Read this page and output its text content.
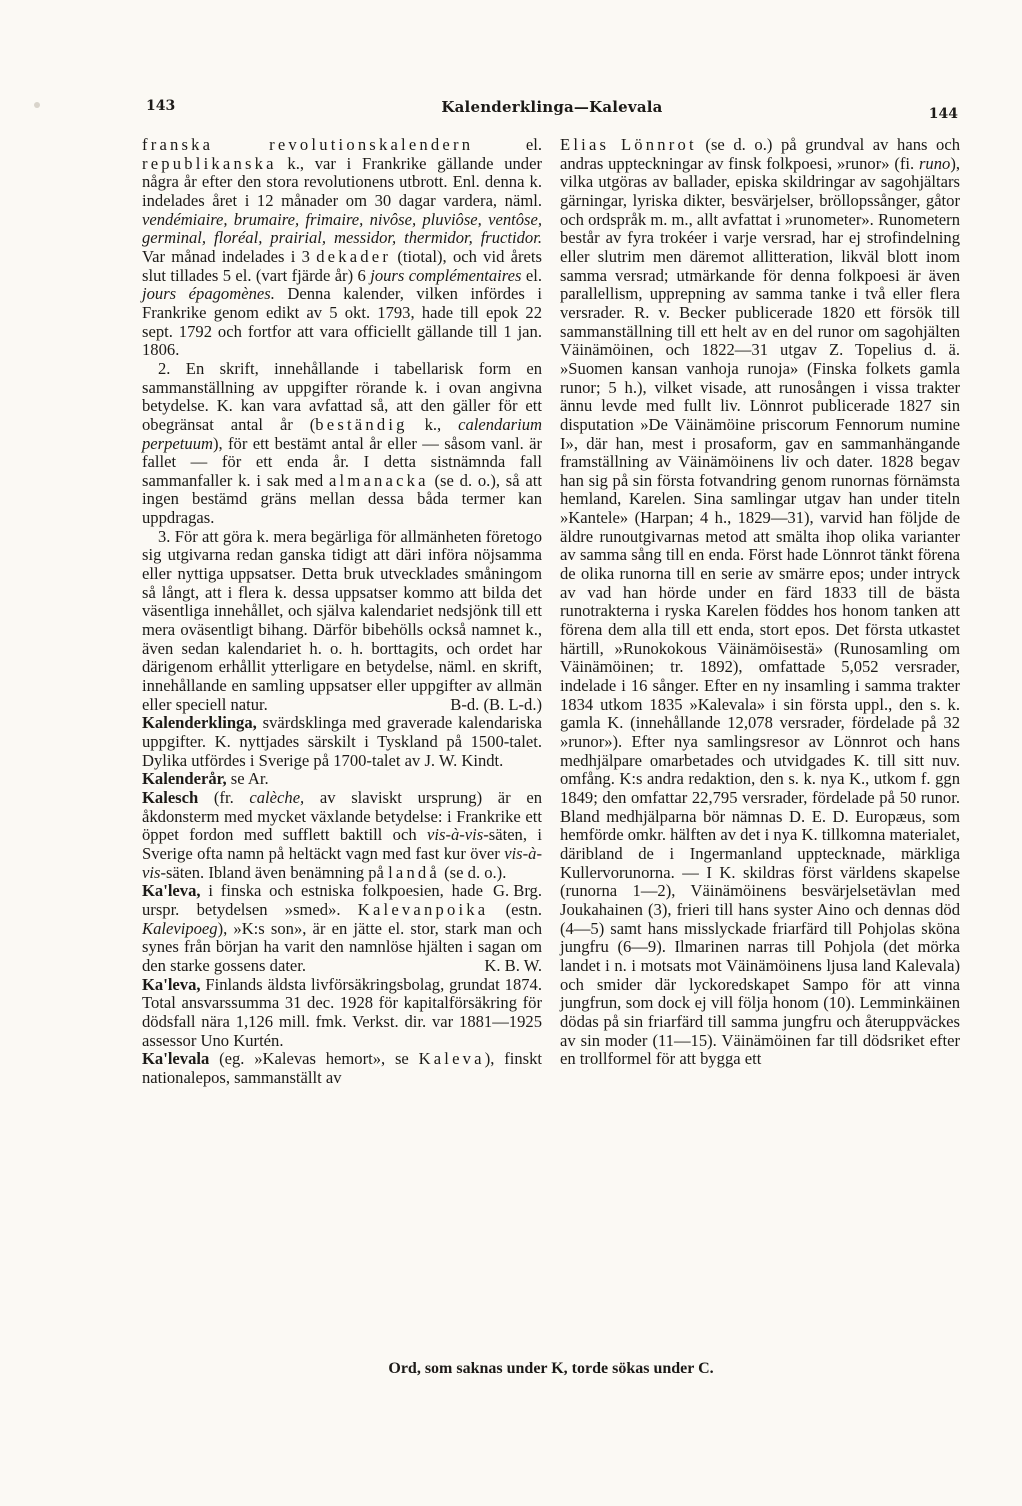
143	Kalenderklinga—Kalevala	144

franska revolutionskalendern el. republikanska k., var i Frankrike gällande under några år efter den stora revolutionens utbrott. Enl. denna k. indelades året i 12 månader om 30 dagar vardera, näml. vendémiaire, brumaire, frimaire, nivôse, pluviôse, ventôse, germinal, floréal, prairial, messidor, thermidor, fructidor. Var månad indelades i 3 dekader (tiotal), och vid årets slut tillades 5 el. (vart fjärde år) 6 jours complémentaires el. jours épagomènes. Denna kalender, vilken infördes i Frankrike genom edikt av 5 okt. 1793, hade till epok 22 sept. 1792 och fortfor att vara officiellt gällande till 1 jan. 1806.

2. En skrift, innehållande i tabellarisk form en sammanställning av uppgifter rörande k. i ovan angivna betydelse. K. kan vara avfattad så, att den gäller för ett obegränsat antal år (beständig k., calendarium perpetuum), för ett bestämt antal år eller — såsom vanl. är fallet — för ett enda år. I detta sistnämnda fall sammanfaller k. i sak med almanacka (se d. o.), så att ingen bestämd gräns mellan dessa båda termer kan uppdragas.

3. För att göra k. mera begärliga för allmänheten företogo sig utgivarna redan ganska tidigt att däri införa nöjsamma eller nyttiga uppsatser. Detta bruk utvecklades småningom så långt, att i flera k. dessa uppsatser kommo att bilda det väsentliga innehållet, och själva kalendariet nedsjönk till ett mera oväsentligt bihang. Därför bibehölls också namnet k., även sedan kalendariet h. o. h. borttagits, och ordet har därigenom erhållit ytterligare en betydelse, näml. en skrift, innehållande en samling uppsatser eller uppgifter av allmän eller speciell natur.	B-d. (B. L-d.)

Kalenderklinga, svärdsklinga med graverade kalendariska uppgifter. K. nyttjades särskilt i Tyskland på 1500-talet. Dylika utfördes i Sverige på 1700-talet av J. W. Kindt.

Kalenderår, se Ar.

Kalesch (fr. calèche, av slaviskt ursprung) är en åkdonsterm med mycket växlande betydelse: i Frankrike ett öppet fordon med sufflett baktill och vis-à-vis-säten, i Sverige ofta namn på heltäckt vagn med fast kur över vis-à-vis-säten. Ibland även benämning på landå (se d. o.).
G. Brg.

Ka'leva, i finska och estniska folkpoesien, hade urspr. betydelsen »smed». Kalevanpoika (estn. Kalevipoeg), »K:s son», är en jätte el. stor, stark man och synes från början ha varit den namnlöse hjälten i sagan om den starke gossens dater.	K. B. W.

Ka'leva, Finlands äldsta livförsäkringsbolag, grundat 1874. Total ansvarssumma 31 dec. 1928 för kapitalförsäkring för dödsfall nära 1,126 mill. fmk. Verkst. dir. var 1881—1925 assessor Uno Kurtén.

Ka'levala (eg. »Kalevas hemort», se Kaleva), finskt nationalepos, sammanställt av

Elias Lönnrot (se d. o.) på grundval av hans och andras uppteckningar av finsk folkpoesi, »runor» (fi. runo), vilka utgöras av ballader, episka skildringar av sagohjältars gärningar, lyriska dikter, besvärjelser, bröllopssånger, gåtor och ordspråk m. m., allt avfattat i »runometer». Runometern består av fyra trokéer i varje versrad, har ej strofindelning eller slutrim men däremot allitteration, likväl blott inom samma versrad; utmärkande för denna folkpoesi är även parallellism, upprepning av samma tanke i två eller flera versrader. R. v. Becker publicerade 1820 ett försök till sammanställning till ett helt av en del runor om sagohjälten Väinämöinen, och 1822—31 utgav Z. Topelius d. ä. »Suomen kansan vanhoja runoja» (Finska folkets gamla runor; 5 h.), vilket visade, att runosången i vissa trakter ännu levde med fullt liv. Lönnrot publicerade 1827 sin disputation »De Väinämöine priscorum Fennorum numine I», där han, mest i prosaform, gav en sammanhängande framställning av Väinämöinens liv och dater. 1828 begav han sig på sin första fotvandring genom runornas förnämsta hemland, Karelen. Sina samlingar utgav han under titeln »Kantele» (Harpan; 4 h., 1829—31), varvid han följde de äldre runoutgivarnas metod att smälta ihop olika varianter av samma sång till en enda. Först hade Lönnrot tänkt förena de olika runorna till en serie av smärre epos; under intryck av vad han hörde under en färd 1833 till de bästa runotrakterna i ryska Karelen föddes hos honom tanken att förena dem alla till ett enda, stort epos. Det första utkastet härtill, »Runokokous Väinämöisestä» (Runosamling om Väinämöinen; tr. 1892), omfattade 5,052 versrader, indelade i 16 sånger. Efter en ny insamling i samma trakter 1834 utkom 1835 »Kalevala» i sin första uppl., den s. k. gamla K. (innehållande 12,078 versrader, fördelade på 32 »runor»). Efter nya samlingsresor av Lönnrot och hans medhjälpare omarbetades och utvidgades K. till sitt nuv. omfång. K:s andra redaktion, den s. k. nya K., utkom f. ggn 1849; den omfattar 22,795 versrader, fördelade på 50 runor. Bland medhjälparna bör nämnas D. E. D. Europæus, som hemförde omkr. hälften av det i nya K. tillkomna materialet, däribland de i Ingermanland upptecknade, märkliga Kullervorunorna. — I K. skildras först världens skapelse (runorna 1—2), Väinämöinens besvärjelsetävlan med Joukahainen (3), frieri till hans syster Aino och dennas död (4—5) samt hans misslyckade friarfärd till Pohjolas sköna jungfru (6—9). Ilmarinen narras till Pohjola (det mörka landet i n. i motsats mot Väinämöinens ljusa land Kalevala) och smider där lyckoredskapet Sampo för att vinna jungfrun, som dock ej vill följa honom (10). Lemminkäinen dödas på sin friarfärd till samma jungfru och återuppväckes av sin moder (11—15). Väinämöinen far till dödsriket efter en trollformel för att bygga ett

Ord, som saknas under K, torde sökas under C.
